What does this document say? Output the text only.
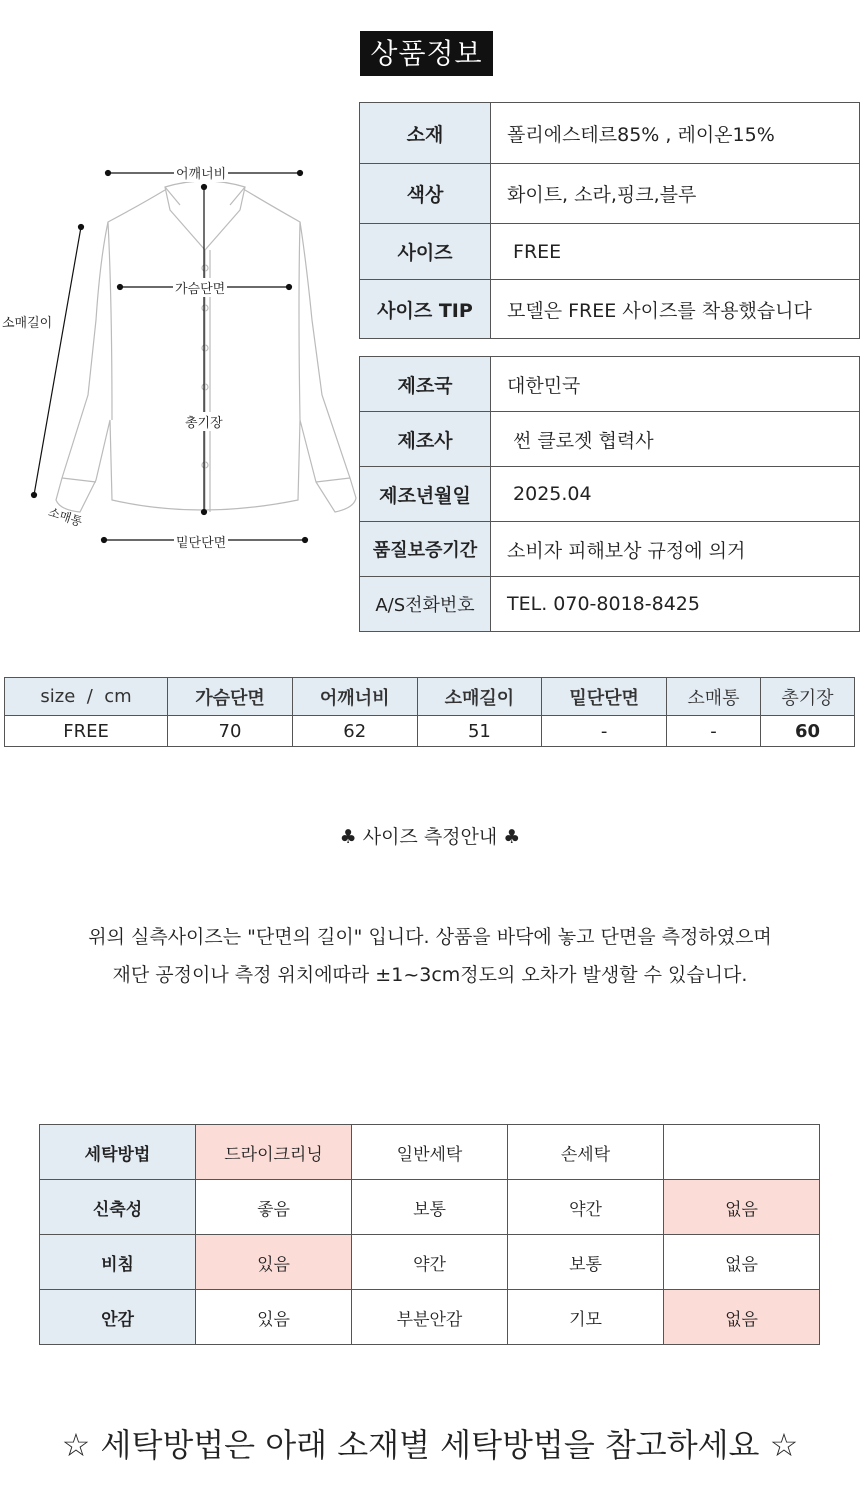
상품정보
어깨너비
가슴단면
소매길이
총기장
소매통
밑단단면
소재	폴리에스테르85% , 레이온15%
색상	화이트, 소라,핑크,블루
사이즈	FREE
사이즈 TIP	모델은 FREE 사이즈를 착용했습니다
제조국	대한민국
제조사	썬 클로젯 협력사
제조년월일	2025.04
품질보증기간	소비자 피해보상 규정에 의거
A/S전화번호	TEL. 070-8018-8425
size  /  cm	가슴단면	어깨너비	소매길이	밑단단면	소매통	총기장
FREE	70	62	51	-	-	60
♣ 사이즈 측정안내 ♣
위의 실측사이즈는 "단면의 길이" 입니다. 상품을 바닥에 놓고 단면을 측정하였으며
재단 공정이나 측정 위치에따라 ±1~3cm정도의 오차가 발생할 수 있습니다.
세탁방법	드라이크리닝	일반세탁	손세탁	
신축성	좋음	보통	약간	없음
비침	있음	약간	보통	없음
안감	있음	부분안감	기모	없음
☆ 세탁방법은 아래 소재별 세탁방법을 참고하세요 ☆
